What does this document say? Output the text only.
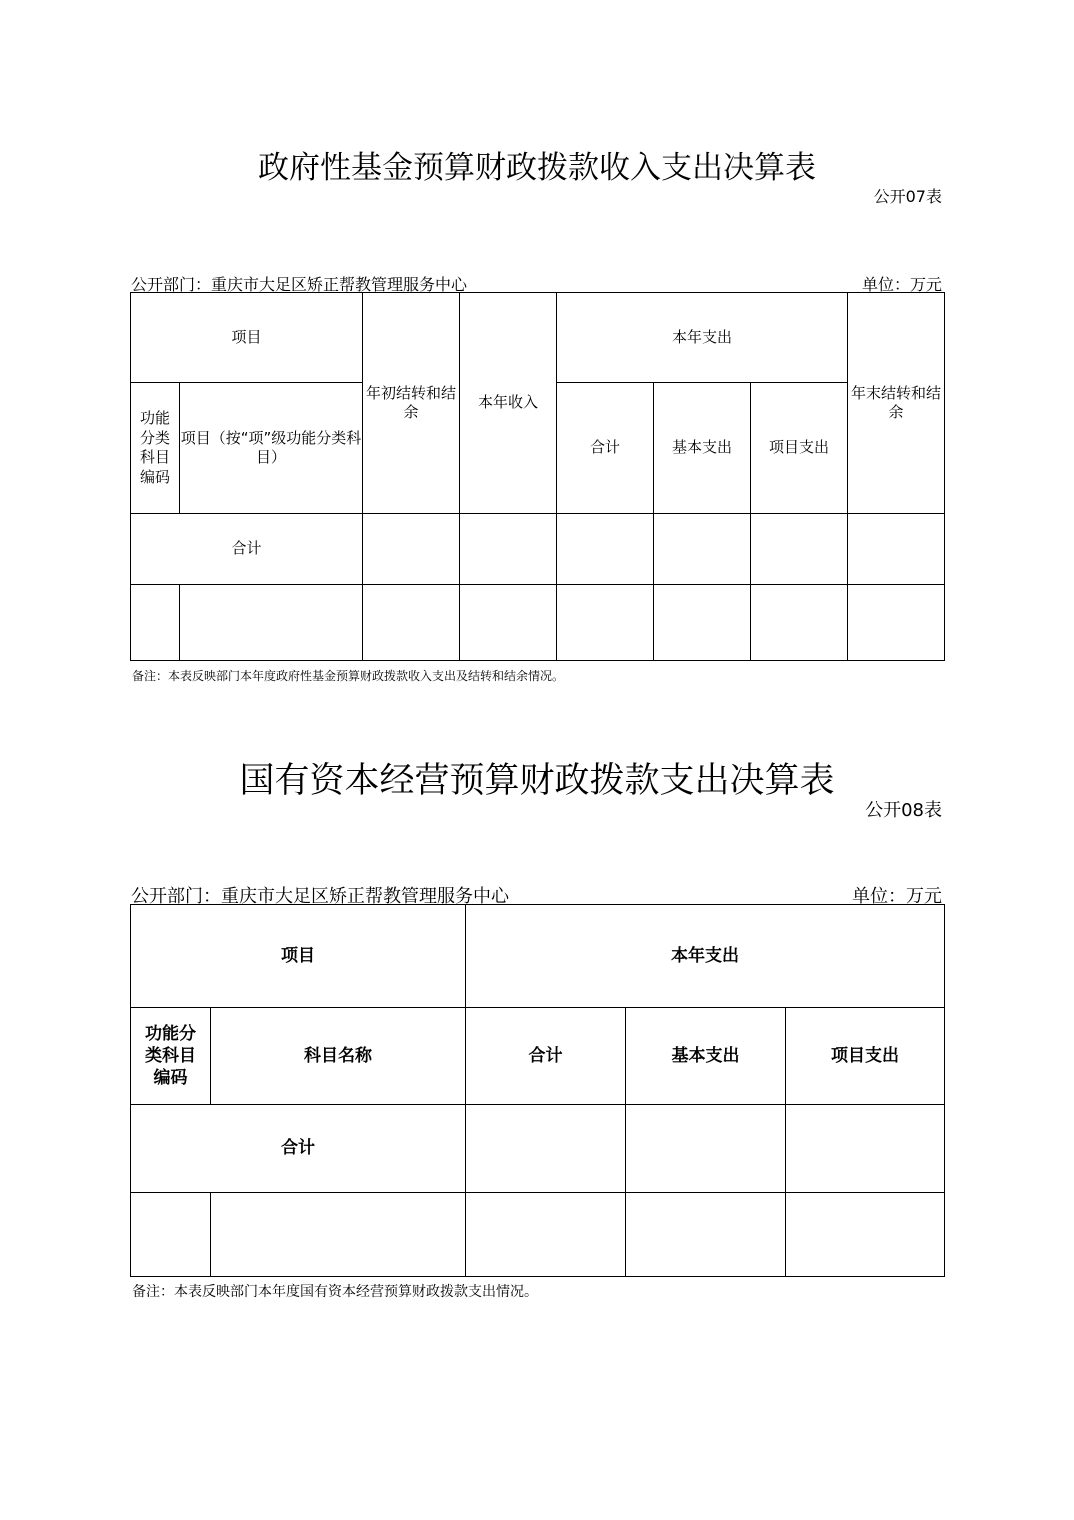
政府性基金预算财政拨款收入支出决算表
公开07表
公开部门：重庆市大足区矫正帮教管理服务中心	单位：万元
项目		年初结转和结余	本年收入	本年支出			年末结转和结余
功能分类科目编码	项目（按“项”级功能分类科目）			合计	基本支出	项目支出	
合计							

备注：本表反映部门本年度政府性基金预算财政拨款收入支出及结转和结余情况。
国有资本经营预算财政拨款支出决算表
公开08表
公开部门：重庆市大足区矫正帮教管理服务中心	单位：万元
项目		本年支出		
功能分类科目编码	科目名称	合计	基本支出	项目支出
合计				

备注：本表反映部门本年度国有资本经营预算财政拨款支出情况。
